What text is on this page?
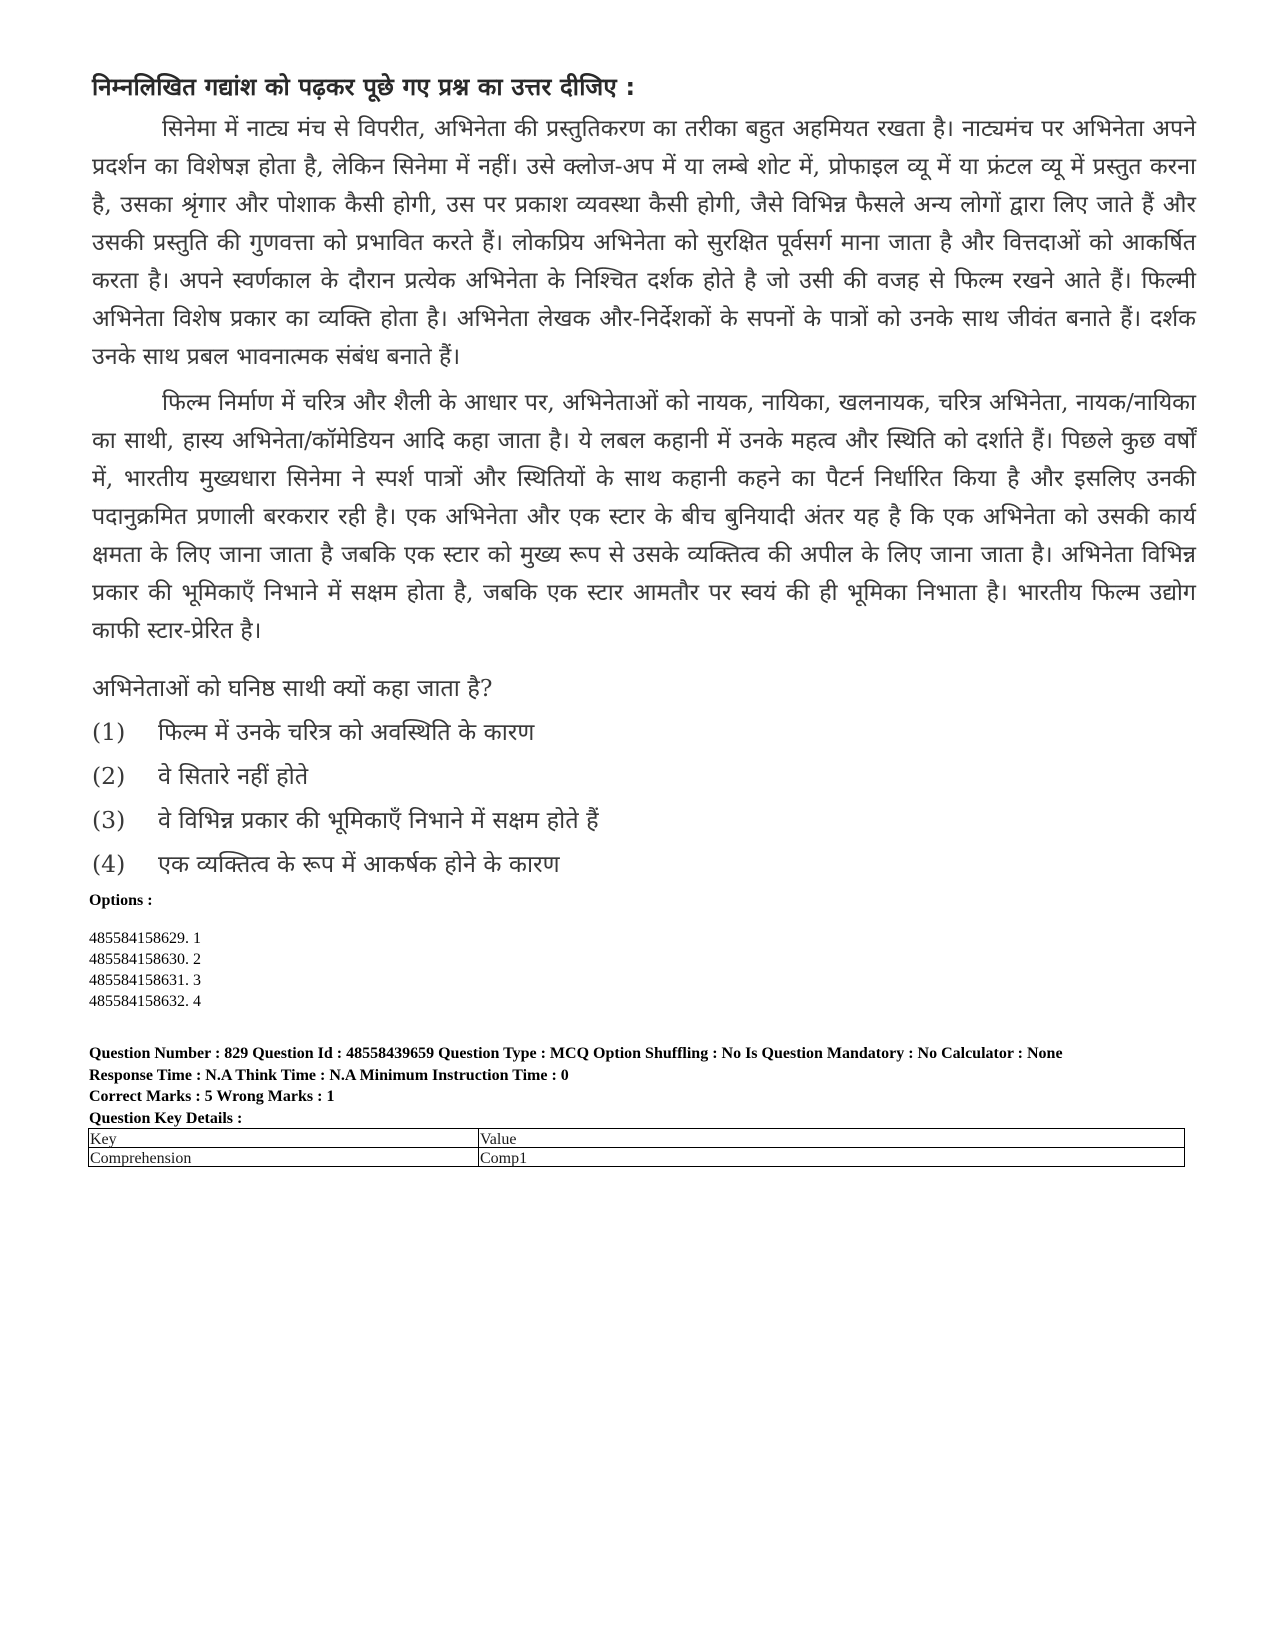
निम्नलिखित गद्यांश को पढ़कर पूछे गए प्रश्न का उत्तर दीजिए :
सिनेमा में नाट्य मंच से विपरीत, अभिनेता की प्रस्तुतिकरण का तरीका बहुत अहमियत रखता है। नाट्यमंच पर अभिनेता अपने प्रदर्शन का विशेषज्ञ होता है, लेकिन सिनेमा में नहीं। उसे क्लोज-अप में या लम्बे शोट में, प्रोफाइल व्यू में या फ्रंटल व्यू में प्रस्तुत करना है, उसका श्रृंगार और पोशाक कैसी होगी, उस पर प्रकाश व्यवस्था कैसी होगी, जैसे विभिन्न फैसले अन्य लोगों द्वारा लिए जाते हैं और उसकी प्रस्तुति की गुणवत्ता को प्रभावित करते हैं। लोकप्रिय अभिनेता को सुरक्षित पूर्वसर्ग माना जाता है और वित्तदाओं को आकर्षित करता है। अपने स्वर्णकाल के दौरान प्रत्येक अभिनेता के निश्चित दर्शक होते है जो उसी की वजह से फिल्म रखने आते हैं। फिल्मी अभिनेता विशेष प्रकार का व्यक्ति होता है। अभिनेता लेखक और-निर्देशकों के सपनों के पात्रों को उनके साथ जीवंत बनाते हैं। दर्शक उनके साथ प्रबल भावनात्मक संबंध बनाते हैं।
फिल्म निर्माण में चरित्र और शैली के आधार पर, अभिनेताओं को नायक, नायिका, खलनायक, चरित्र अभिनेता, नायक/नायिका का साथी, हास्य अभिनेता/कॉमेडियन आदि कहा जाता है। ये लबल कहानी में उनके महत्व और स्थिति को दर्शाते हैं। पिछले कुछ वर्षों में, भारतीय मुख्यधारा सिनेमा ने स्पर्श पात्रों और स्थितियों के साथ कहानी कहने का पैटर्न निर्धारित किया है और इसलिए उनकी पदानुक्रमित प्रणाली बरकरार रही है। एक अभिनेता और एक स्टार के बीच बुनियादी अंतर यह है कि एक अभिनेता को उसकी कार्य क्षमता के लिए जाना जाता है जबकि एक स्टार को मुख्य रूप से उसके व्यक्तित्व की अपील के लिए जाना जाता है। अभिनेता विभिन्न प्रकार की भूमिकाएँ निभाने में सक्षम होता है, जबकि एक स्टार आमतौर पर स्वयं की ही भूमिका निभाता है। भारतीय फिल्म उद्योग काफी स्टार-प्रेरित है।
अभिनेताओं को घनिष्ठ साथी क्यों कहा जाता है?
(1)	फिल्म में उनके चरित्र को अवस्थिति के कारण
(2)	वे सितारे नहीं होते
(3)	वे विभिन्न प्रकार की भूमिकाएँ निभाने में सक्षम होते हैं
(4)	एक व्यक्तित्व के रूप में आकर्षक होने के कारण
Options :
485584158629. 1
485584158630. 2
485584158631. 3
485584158632. 4
Question Number : 829 Question Id : 48558439659 Question Type : MCQ Option Shuffling : No Is Question Mandatory : No Calculator : None
Response Time : N.A Think Time : N.A Minimum Instruction Time : 0
Correct Marks : 5 Wrong Marks : 1
Question Key Details :
Key	Value
Comprehension	Comp1
